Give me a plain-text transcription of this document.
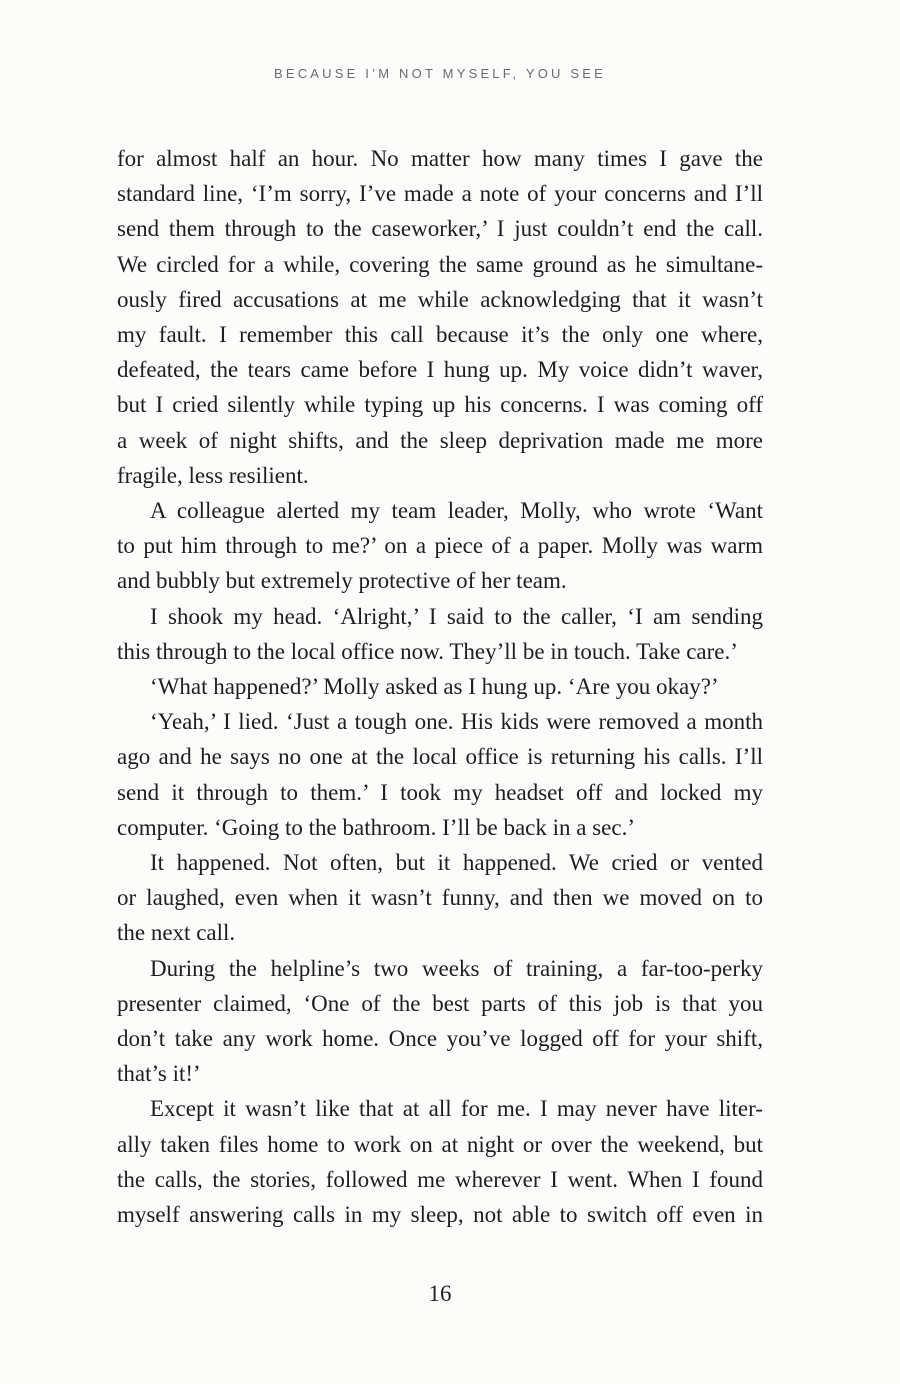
BECAUSE I’M NOT MYSELF, YOU SEE
for almost half an hour. No matter how many times I gave the
standard line, ‘I’m sorry, I’ve made a note of your concerns and I’ll
send them through to the caseworker,’ I just couldn’t end the call.
We circled for a while, covering the same ground as he simultane-
ously fired accusations at me while acknowledging that it wasn’t
my fault. I remember this call because it’s the only one where,
defeated, the tears came before I hung up. My voice didn’t waver,
but I cried silently while typing up his concerns. I was coming off
a week of night shifts, and the sleep deprivation made me more
fragile, less resilient.
A colleague alerted my team leader, Molly, who wrote ‘Want
to put him through to me?’ on a piece of a paper. Molly was warm
and bubbly but extremely protective of her team.
I shook my head. ‘Alright,’ I said to the caller, ‘I am sending
this through to the local office now. They’ll be in touch. Take care.’
‘What happened?’ Molly asked as I hung up. ‘Are you okay?’
‘Yeah,’ I lied. ‘Just a tough one. His kids were removed a month
ago and he says no one at the local office is returning his calls. I’ll
send it through to them.’ I took my headset off and locked my
computer. ‘Going to the bathroom. I’ll be back in a sec.’
It happened. Not often, but it happened. We cried or vented
or laughed, even when it wasn’t funny, and then we moved on to
the next call.
During the helpline’s two weeks of training, a far-too-perky
presenter claimed, ‘One of the best parts of this job is that you
don’t take any work home. Once you’ve logged off for your shift,
that’s it!’
Except it wasn’t like that at all for me. I may never have liter-
ally taken files home to work on at night or over the weekend, but
the calls, the stories, followed me wherever I went. When I found
myself answering calls in my sleep, not able to switch off even in
16
